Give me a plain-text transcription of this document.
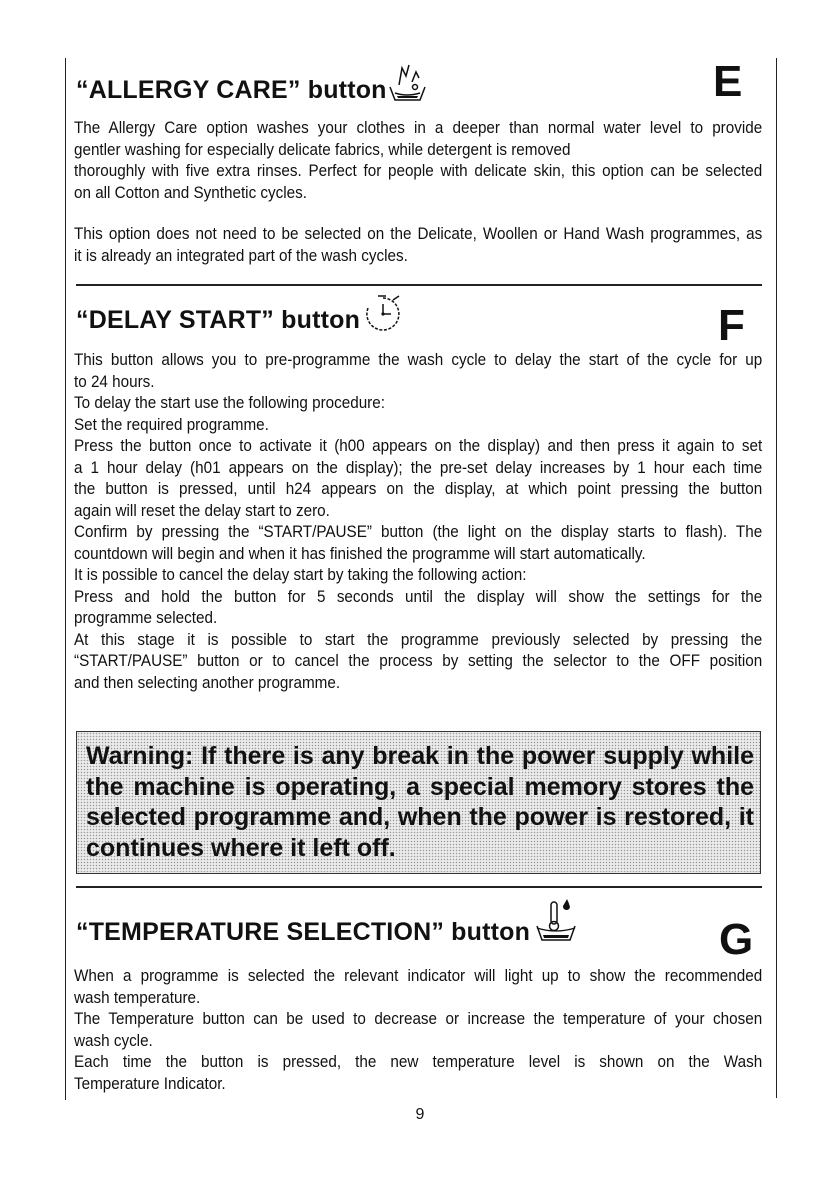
“ALLERGY CARE” button	E
The Allergy Care option washes your clothes in a deeper than normal water level to provide
gentler washing for especially delicate fabrics, while detergent is removed
thoroughly with five extra rinses. Perfect for people with delicate skin, this option can be selected
on all Cotton and Synthetic cycles.
This option does not need to be selected on the Delicate, Woollen or Hand Wash programmes, as
it is already an integrated part of the wash cycles.
“DELAY START” button	F
This button allows you to pre-programme the wash cycle to delay the start of the cycle for up
to 24 hours.
To delay the start use the following procedure:
Set the required programme.
Press the button once to activate it (h00 appears on the display) and then press it again to set
a 1 hour delay (h01 appears on the display); the pre-set delay increases by 1 hour each time
the button is pressed, until h24 appears on the display, at which point pressing the button
again will reset the delay start to zero.
Confirm by pressing the “START/PAUSE” button (the light on the display starts to flash). The
countdown will begin and when it has finished the programme will start automatically.
It is possible to cancel the delay start by taking the following action:
Press and hold the button for 5 seconds until the display will show the settings for the
programme selected.
At this stage it is possible to start the programme previously selected by pressing the
“START/PAUSE” button or to cancel the process by setting the selector to the OFF position
and then selecting another programme.

Warning: If there is any break in the power supply while
the machine is operating, a special memory stores the
selected programme and, when the power is restored, it
continues where it left off.

“TEMPERATURE SELECTION” button	G
When a programme is selected the relevant indicator will light up to show the recommended
wash temperature.
The Temperature button can be used to decrease or increase the temperature of your chosen
wash cycle.
Each time the button is pressed, the new temperature level is shown on the Wash
Temperature Indicator.

9
